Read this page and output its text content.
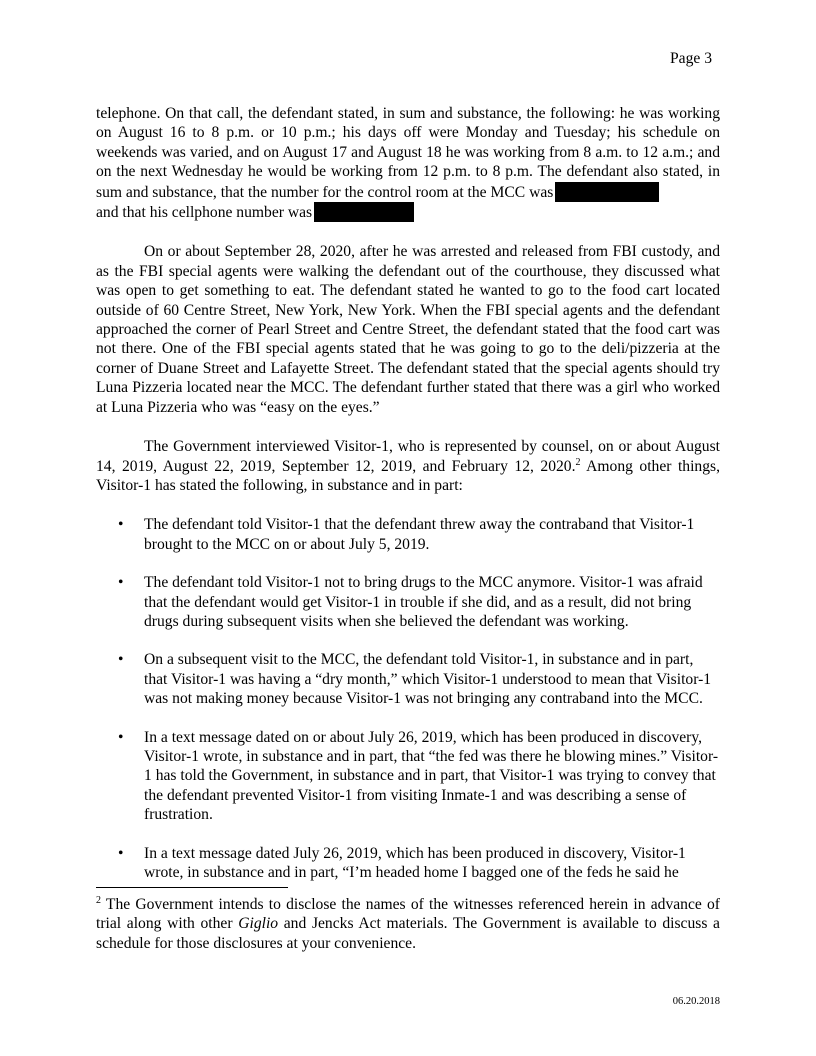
Page 3

telephone. On that call, the defendant stated, in sum and substance, the following: he was working on August 16 to 8 p.m. or 10 p.m.; his days off were Monday and Tuesday; his schedule on weekends was varied, and on August 17 and August 18 he was working from 8 a.m. to 12 a.m.; and on the next Wednesday he would be working from 12 p.m. to 8 p.m. The defendant also stated, in sum and substance, that the number for the control room at the MCC was
and that his cellphone number was

On or about September 28, 2020, after he was arrested and released from FBI custody, and as the FBI special agents were walking the defendant out of the courthouse, they discussed what was open to get something to eat. The defendant stated he wanted to go to the food cart located outside of 60 Centre Street, New York, New York. When the FBI special agents and the defendant approached the corner of Pearl Street and Centre Street, the defendant stated that the food cart was not there. One of the FBI special agents stated that he was going to go to the deli/pizzeria at the corner of Duane Street and Lafayette Street. The defendant stated that the special agents should try Luna Pizzeria located near the MCC. The defendant further stated that there was a girl who worked at Luna Pizzeria who was “easy on the eyes.”

The Government interviewed Visitor-1, who is represented by counsel, on or about August 14, 2019, August 22, 2019, September 12, 2019, and February 12, 2020.$^2$ Among other things, Visitor-1 has stated the following, in substance and in part:

• The defendant told Visitor-1 that the defendant threw away the contraband that Visitor-1 brought to the MCC on or about July 5, 2019.
• The defendant told Visitor-1 not to bring drugs to the MCC anymore. Visitor-1 was afraid that the defendant would get Visitor-1 in trouble if she did, and as a result, did not bring drugs during subsequent visits when she believed the defendant was working.
• On a subsequent visit to the MCC, the defendant told Visitor-1, in substance and in part, that Visitor-1 was having a “dry month,” which Visitor-1 understood to mean that Visitor-1 was not making money because Visitor-1 was not bringing any contraband into the MCC.
• In a text message dated on or about July 26, 2019, which has been produced in discovery, Visitor-1 wrote, in substance and in part, that “the fed was there he blowing mines.” Visitor-1 has told the Government, in substance and in part, that Visitor-1 was trying to convey that the defendant prevented Visitor-1 from visiting Inmate-1 and was describing a sense of frustration.
• In a text message dated July 26, 2019, which has been produced in discovery, Visitor-1 wrote, in substance and in part, “I’m headed home I bagged one of the feds he said he
$^2$ The Government intends to disclose the names of the witnesses referenced herein in advance of trial along with other Giglio and Jencks Act materials. The Government is available to discuss a schedule for those disclosures at your convenience.
06.20.2018
